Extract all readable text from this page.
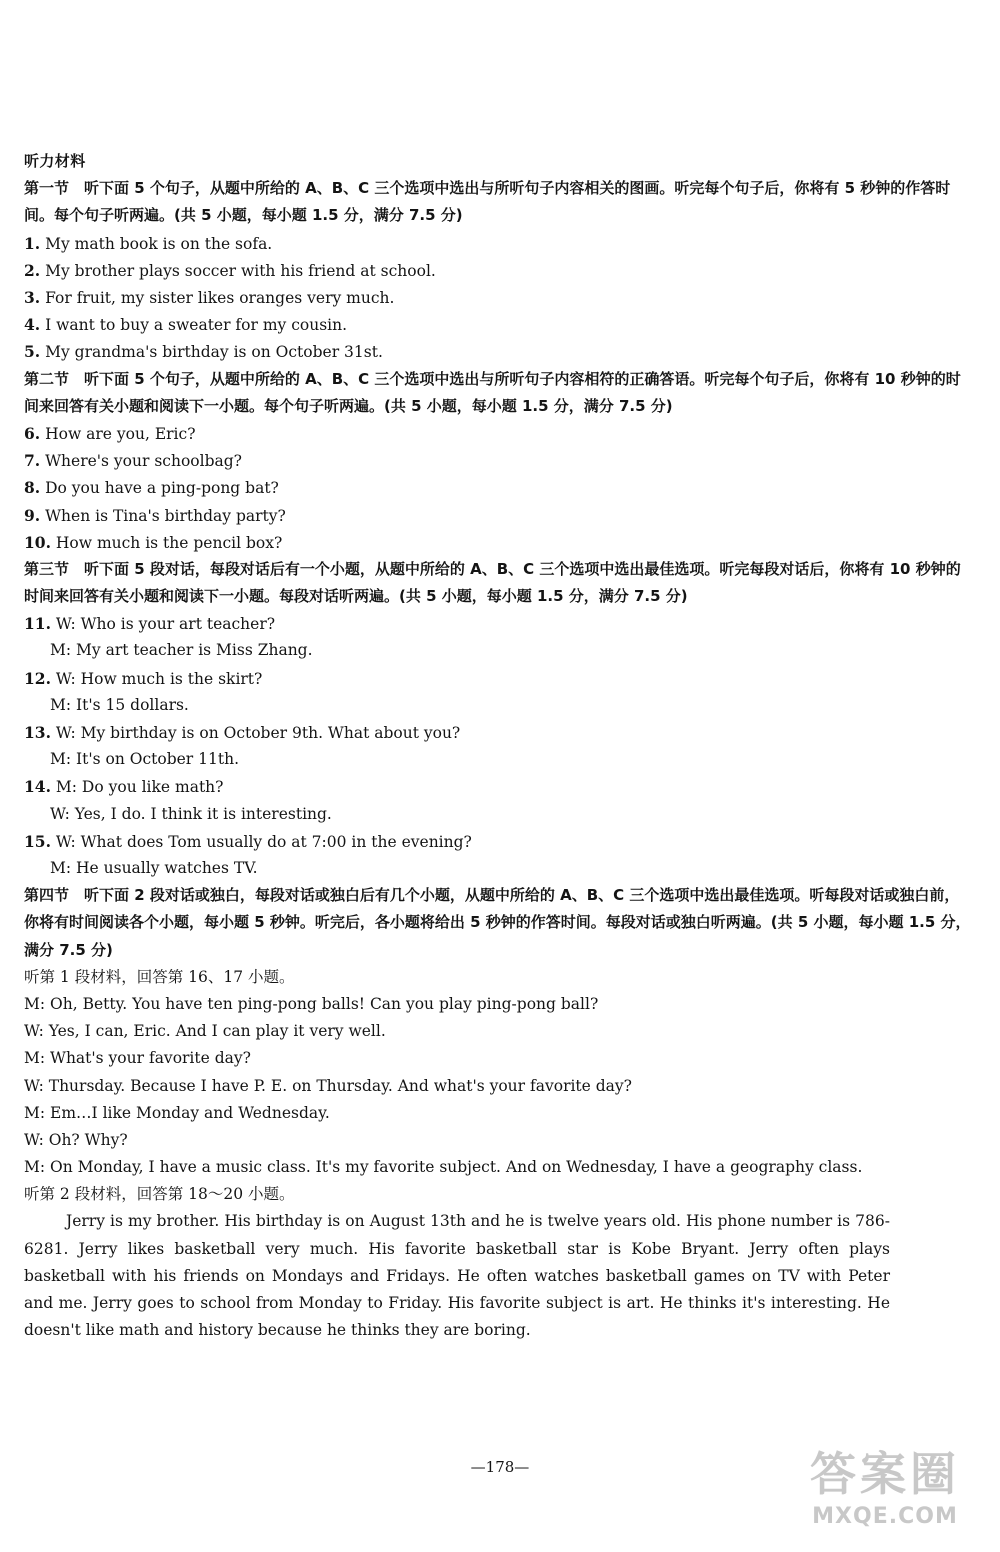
听力材料
第一节　听下面 5 个句子，从题中所给的 A、B、C 三个选项中选出与所听句子内容相关的图画。听完每个句子后，你将有 5 秒钟的作答时间。每个句子听两遍。(共 5 小题，每小题 1.5 分，满分 7.5 分)
1. My math book is on the sofa.
2. My brother plays soccer with his friend at school.
3. For fruit, my sister likes oranges very much.
4. I want to buy a sweater for my cousin.
5. My grandma's birthday is on October 31st.
第二节　听下面 5 个句子，从题中所给的 A、B、C 三个选项中选出与所听句子内容相符的正确答语。听完每个句子后，你将有 10 秒钟的时间来回答有关小题和阅读下一小题。每个句子听两遍。(共 5 小题，每小题 1.5 分，满分 7.5 分)
6. How are you, Eric?
7. Where's your schoolbag?
8. Do you have a ping-pong bat?
9. When is Tina's birthday party?
10. How much is the pencil box?
第三节　听下面 5 段对话，每段对话后有一个小题，从题中所给的 A、B、C 三个选项中选出最佳选项。听完每段对话后，你将有 10 秒钟的时间来回答有关小题和阅读下一小题。每段对话听两遍。(共 5 小题，每小题 1.5 分，满分 7.5 分)
11. W: Who is your art teacher?
M: My art teacher is Miss Zhang.
12. W: How much is the skirt?
M: It's 15 dollars.
13. W: My birthday is on October 9th. What about you?
M: It's on October 11th.
14. M: Do you like math?
W: Yes, I do. I think it is interesting.
15. W: What does Tom usually do at 7:00 in the evening?
M: He usually watches TV.
第四节　听下面 2 段对话或独白，每段对话或独白后有几个小题，从题中所给的 A、B、C 三个选项中选出最佳选项。听每段对话或独白前，你将有时间阅读各个小题，每小题 5 秒钟。听完后，各小题将给出 5 秒钟的作答时间。每段对话或独白听两遍。(共 5 小题，每小题 1.5 分，满分 7.5 分)
听第 1 段材料，回答第 16、17 小题。
M: Oh, Betty. You have ten ping-pong balls! Can you play ping-pong ball?
W: Yes, I can, Eric. And I can play it very well.
M: What's your favorite day?
W: Thursday. Because I have P. E. on Thursday. And what's your favorite day?
M: Em…I like Monday and Wednesday.
W: Oh? Why?
M: On Monday, I have a music class. It's my favorite subject. And on Wednesday, I have a geography class.
听第 2 段材料，回答第 18～20 小题。

Jerry is my brother. His birthday is on August 13th and he is twelve years old. His phone number is 786-6281. Jerry likes basketball very much. His favorite basketball star is Kobe Bryant. Jerry often plays basketball with his friends on Mondays and Fridays. He often watches basketball games on TV with Peter and me. Jerry goes to school from Monday to Friday. His favorite subject is art. He thinks it's interesting. He doesn't like math and history because he thinks they are boring.

—178—	答案圈
MXQE.COM
